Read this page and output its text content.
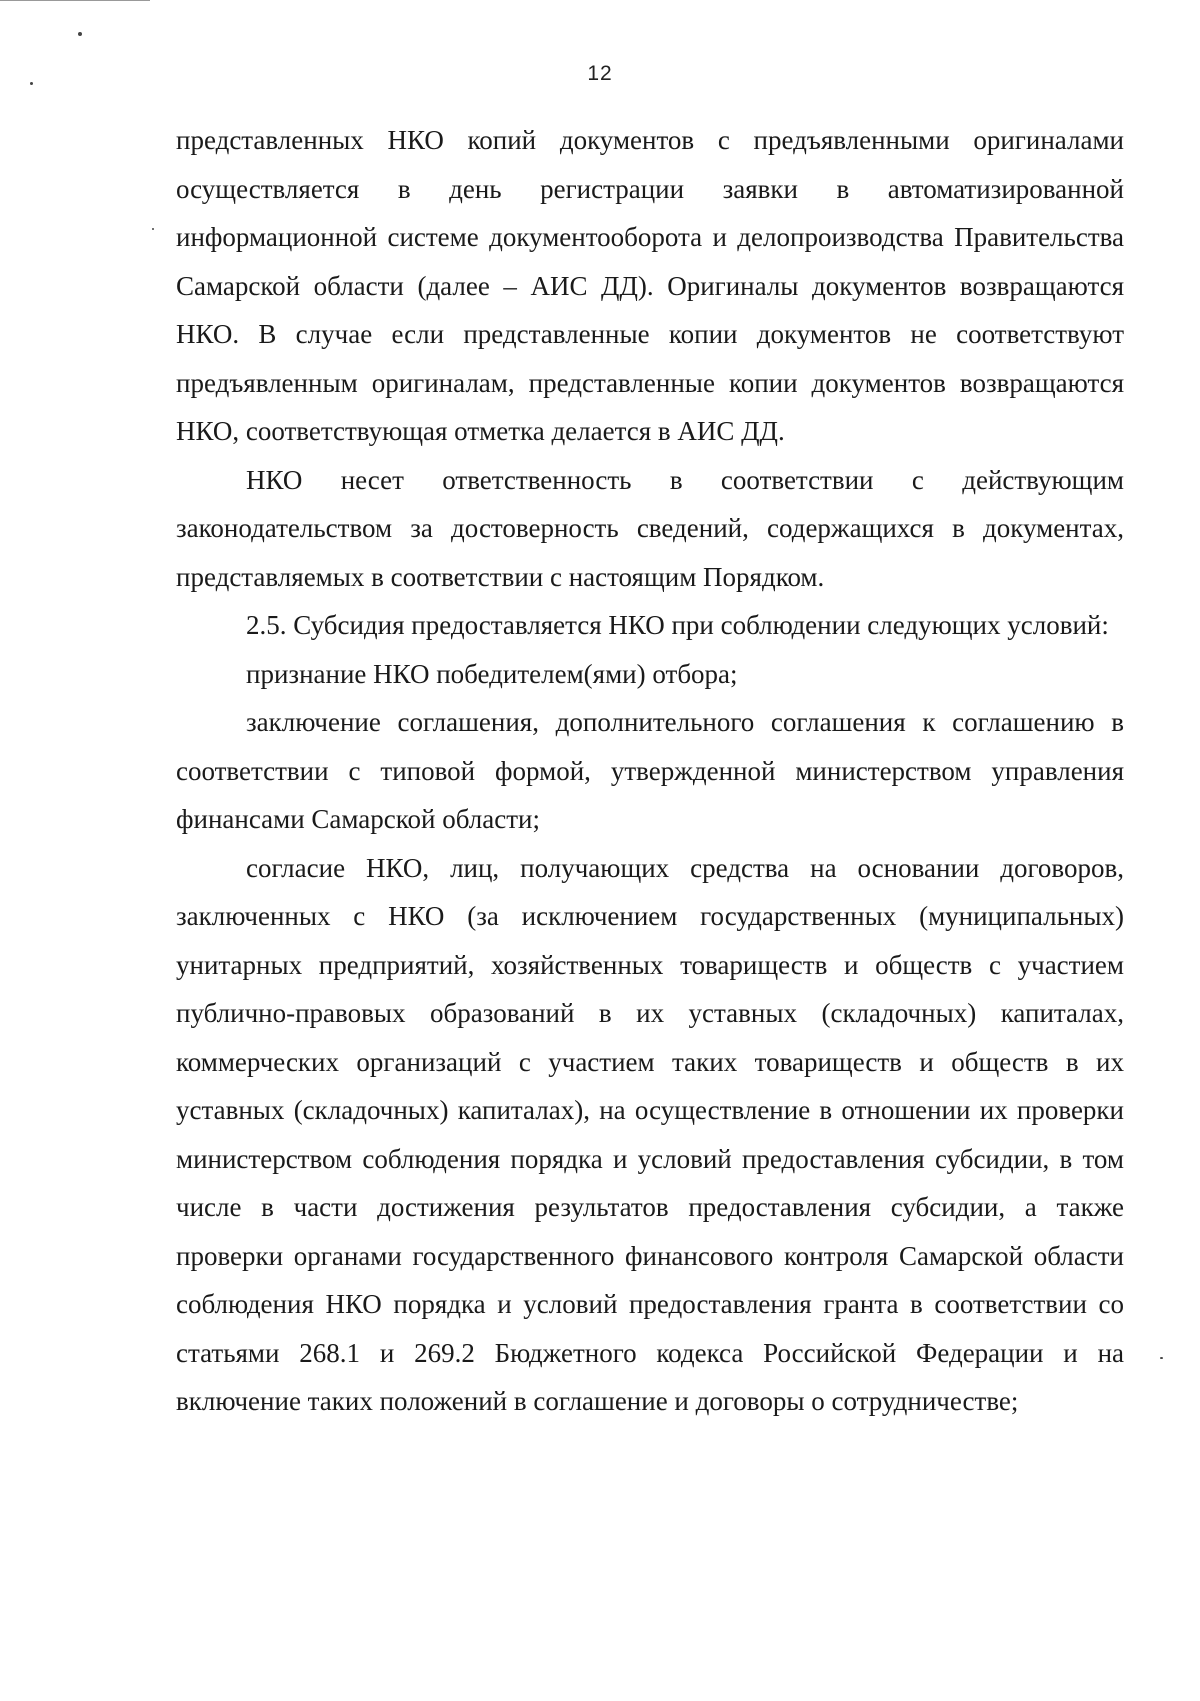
12

представленных НКО копий документов с предъявленными оригиналами осуществляется в день регистрации заявки в автоматизированной информационной системе документооборота и делопроизводства Правительства Самарской области (далее – АИС ДД). Оригиналы документов возвращаются НКО. В случае если представленные копии документов не соответствуют предъявленным оригиналам, представленные копии документов возвращаются НКО, соответствующая отметка делается в АИС ДД.

НКО несет ответственность в соответствии с действующим законодательством за достоверность сведений, содержащихся в документах, представляемых в соответствии с настоящим Порядком.

2.5. Субсидия предоставляется НКО при соблюдении следующих условий:

признание НКО победителем(ями) отбора;

заключение соглашения, дополнительного соглашения к соглашению в соответствии с типовой формой, утвержденной министерством управления финансами Самарской области;

согласие НКО, лиц, получающих средства на основании договоров, заключенных с НКО (за исключением государственных (муниципальных) унитарных предприятий, хозяйственных товариществ и обществ с участием публично-правовых образований в их уставных (складочных) капиталах, коммерческих организаций с участием таких товариществ и обществ в их уставных (складочных) капиталах), на осуществление в отношении их проверки министерством соблюдения порядка и условий предоставления субсидии, в том числе в части достижения результатов предоставления субсидии, а также проверки органами государственного финансового контроля Самарской области соблюдения НКО порядка и условий предоставления гранта в соответствии со статьями 268.1 и 269.2 Бюджетного кодекса Российской Федерации и на включение таких положений в соглашение и договоры о сотрудничестве;
